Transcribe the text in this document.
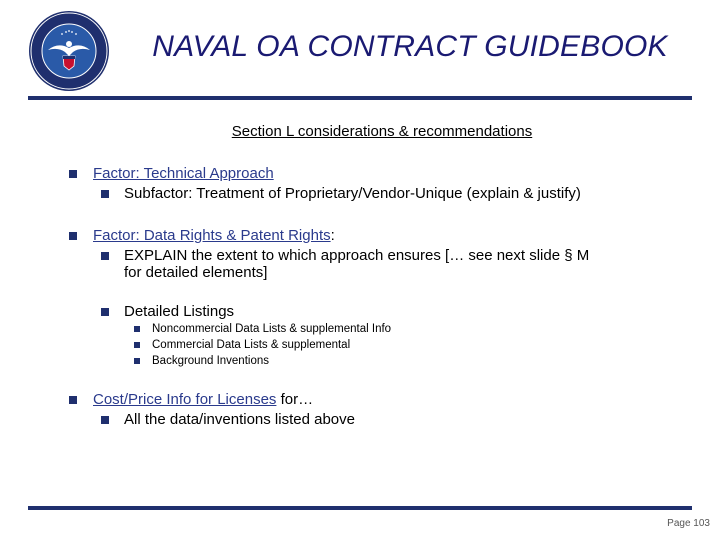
NAVAL OA CONTRACT GUIDEBOOK
Section L considerations & recommendations
Factor: Technical Approach
Subfactor: Treatment of Proprietary/Vendor-Unique (explain & justify)
Factor: Data Rights & Patent Rights:
EXPLAIN the extent to which approach ensures [… see next slide § M
for detailed elements]
Detailed Listings
Noncommercial Data Lists & supplemental Info
Commercial Data Lists & supplemental
Background Inventions
Cost/Price Info for Licenses for…
All the data/inventions listed above
Page 103
